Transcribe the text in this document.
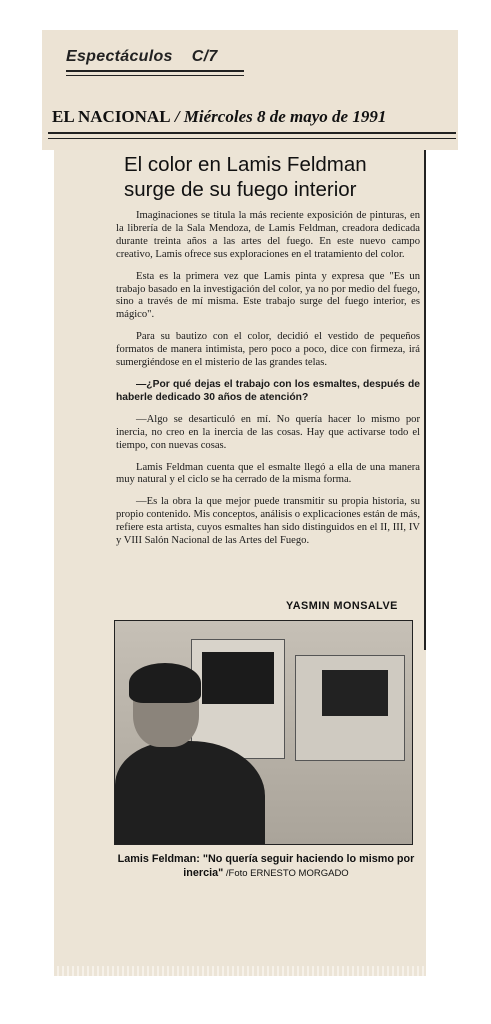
Espectáculos C/7
EL NACIONAL / Miércoles 8 de mayo de 1991
El color en Lamis Feldman
surge de su fuego interior

Imaginaciones se titula la más reciente exposición de pinturas, en la librería de la Sala Mendoza, de Lamis Feldman, creadora dedicada durante treinta años a las artes del fuego. En este nuevo campo creativo, Lamis ofrece sus exploraciones en el tratamiento del color.

Esta es la primera vez que Lamis pinta y expresa que "Es un trabajo basado en la investigación del color, ya no por medio del fuego, sino a través de mí misma. Este trabajo surge del fuego interior, es mágico".

Para su bautizo con el color, decidió el vestido de pequeños formatos de manera intimista, pero poco a poco, dice con firmeza, irá sumergiéndose en el misterio de las grandes telas.

—¿Por qué dejas el trabajo con los esmaltes, después de haberle dedicado 30 años de atención?

—Algo se desarticuló en mí. No quería hacer lo mismo por inercia, no creo en la inercia de las cosas. Hay que activarse todo el tiempo, con nuevas cosas.

Lamis Feldman cuenta que el esmalte llegó a ella de una manera muy natural y el ciclo se ha cerrado de la misma forma.

—Es la obra la que mejor puede transmitir su propia historia, su propio contenido. Mis conceptos, análisis o explicaciones están de más, refiere esta artista, cuyos esmaltes han sido distinguidos en el II, III, IV y VIII Salón Nacional de las Artes del Fuego.

YASMIN MONSALVE
Lamis Feldman: "No quería seguir haciendo lo mismo por inercia" /Foto ERNESTO MORGADO
